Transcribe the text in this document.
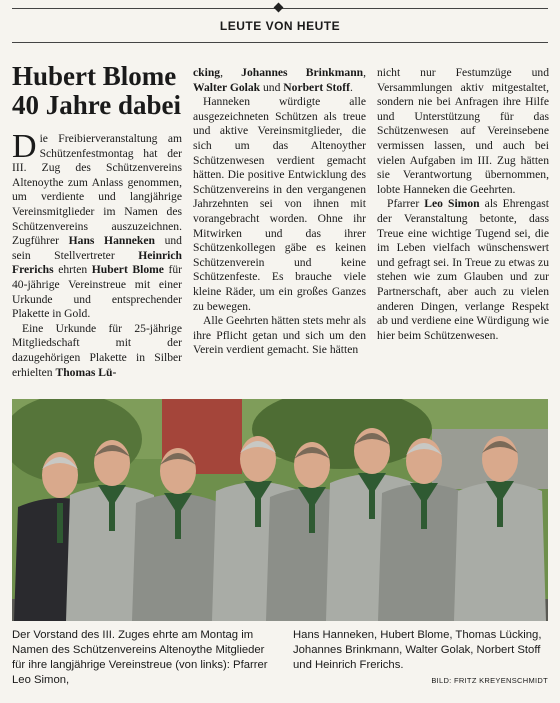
LEUTE VON HEUTE
Hubert Blome 40 Jahre dabei

Die Freibierveranstaltung am Schützenfestmontag hat der III. Zug des Schützenvereins Altenoythe zum Anlass genommen, um verdiente und langjährige Vereinsmitglieder im Namen des Schützenvereins auszuzeichnen. Zugführer Hans Hanneken und sein Stellvertreter Heinrich Frerichs ehrten Hubert Blome für 40-jährige Vereinstreue mit einer Urkunde und entsprechender Plakette in Gold.

Eine Urkunde für 25-jährige Mitgliedschaft mit der dazugehörigen Plakette in Silber erhielten Thomas Lü-

cking, Johannes Brinkmann, Walter Golak und Norbert Stoff.

Hanneken würdigte alle ausgezeichneten Schützen als treue und aktive Vereinsmitglieder, die sich um das Altenoyther Schützenwesen verdient gemacht hätten. Die positive Entwicklung des Schützenvereins in den vergangenen Jahrzehnten sei von ihnen mit vorangebracht worden. Ohne ihr Mitwirken und das ihrer Schützenkollegen gäbe es keinen Schützenverein und keine Schützenfeste. Es brauche viele kleine Räder, um ein großes Ganzes zu bewegen.

Alle Geehrten hätten stets mehr als ihre Pflicht getan und sich um den Verein verdient gemacht. Sie hätten

nicht nur Festumzüge und Versammlungen aktiv mitgestaltet, sondern nie bei Anfragen ihre Hilfe und Unterstützung für das Schützenwesen auf Vereinsebene vermissen lassen, und auch bei vielen Aufgaben im III. Zug hätten sie Verantwortung übernommen, lobte Hanneken die Geehrten.

Pfarrer Leo Simon als Ehrengast der Veranstaltung betonte, dass Treue eine wichtige Tugend sei, die im Leben vielfach wünschenswert und gefragt sei. In Treue zu etwas zu stehen wie zum Glauben und zur Partnerschaft, aber auch zu vielen anderen Dingen, verlange Respekt ab und verdiene eine Würdigung wie hier beim Schützenwesen.

Der Vorstand des III. Zuges ehrte am Montag im Namen des Schützenvereins Altenoythe Mitglieder für ihre langjährige Vereinstreue (von links): Pfarrer Leo Simon,
Hans Hanneken, Hubert Blome, Thomas Lücking, Johannes Brinkmann, Walter Golak, Norbert Stoff und Heinrich Frerichs.
BILD: FRITZ KREYENSCHMIDT
